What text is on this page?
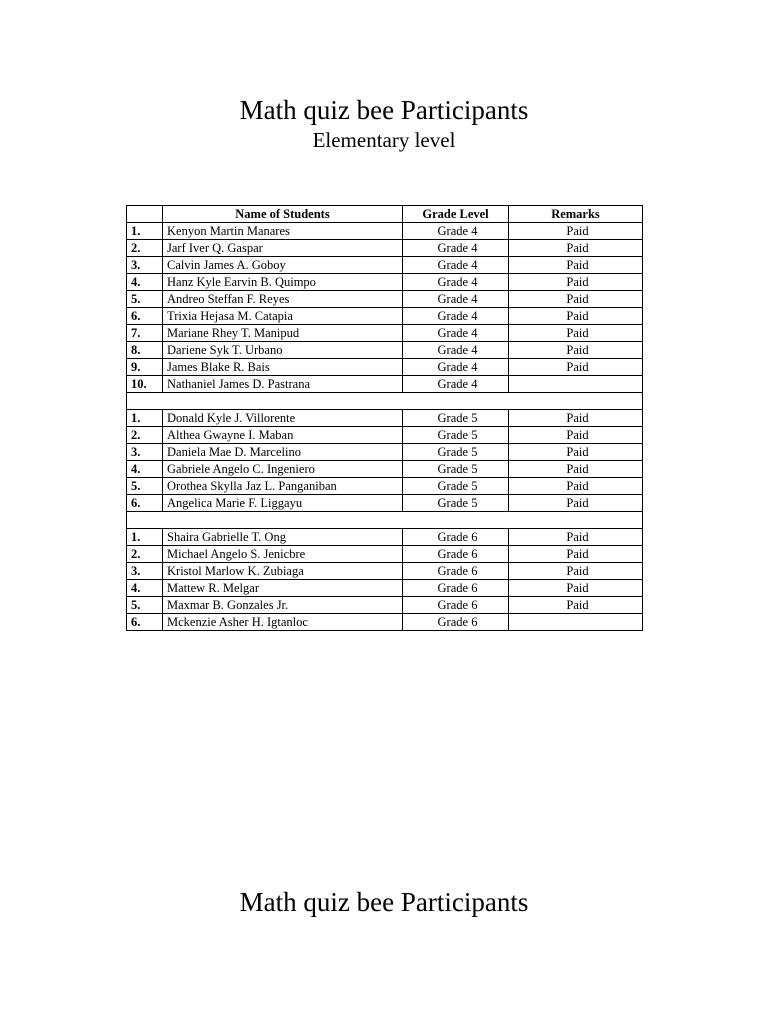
Math quiz bee Participants
Elementary level
	Name of Students	Grade Level	Remarks
1.	Kenyon Martin Manares	Grade 4	Paid
2.	Jarf Iver Q. Gaspar	Grade 4	Paid
3.	Calvin James A. Goboy	Grade 4	Paid
4.	Hanz Kyle Earvin B. Quimpo	Grade 4	Paid
5.	Andreo Steffan F. Reyes	Grade 4	Paid
6.	Trixia Hejasa M. Catapia	Grade 4	Paid
7.	Mariane Rhey T. Manipud	Grade 4	Paid
8.	Dariene Syk T. Urbano	Grade 4	Paid
9.	James Blake R. Bais	Grade 4	Paid
10.	Nathaniel James D. Pastrana	Grade 4	

1.	Donald Kyle J. Villorente	Grade 5	Paid
2.	Althea Gwayne I. Maban	Grade 5	Paid
3.	Daniela Mae D. Marcelino	Grade 5	Paid
4.	Gabriele Angelo C. Ingeniero	Grade 5	Paid
5.	Orothea Skylla Jaz L. Panganiban	Grade 5	Paid
6.	Angelica Marie F. Liggayu	Grade 5	Paid

1.	Shaira Gabrielle T. Ong	Grade 6	Paid
2.	Michael Angelo S. Jenicbre	Grade 6	Paid
3.	Kristol Marlow K. Zubiaga	Grade 6	Paid
4.	Mattew R. Melgar	Grade 6	Paid
5.	Maxmar B. Gonzales Jr.	Grade 6	Paid
6.	Mckenzie Asher H. Igtanloc	Grade 6	
Math quiz bee Participants
